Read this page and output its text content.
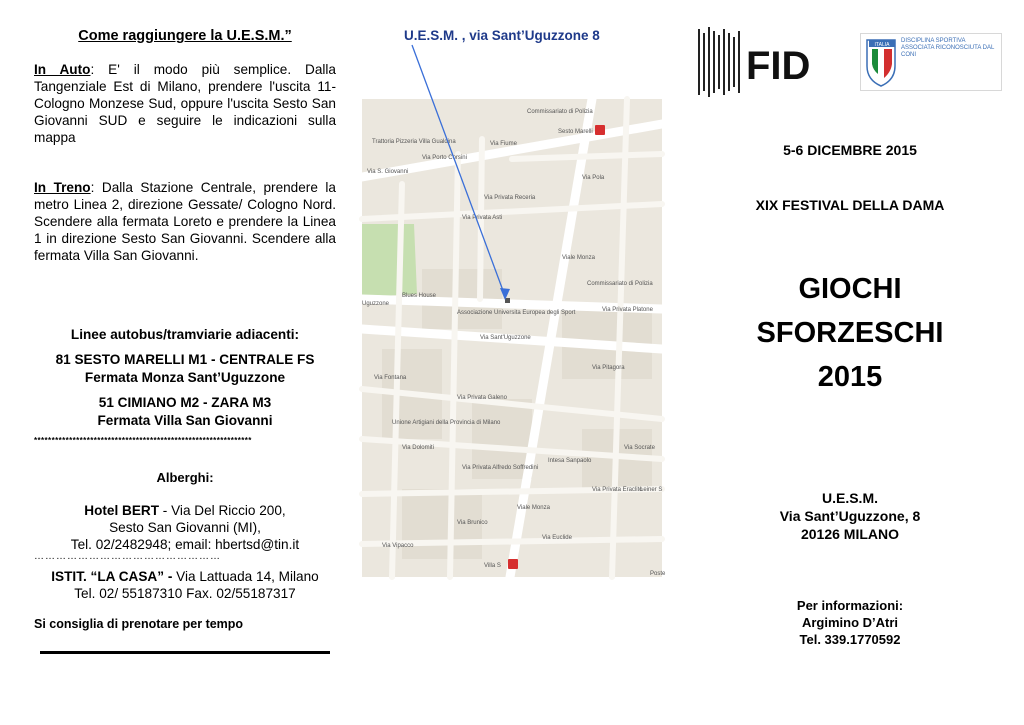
Come raggiungere la U.E.S.M.”
In Auto: E' il modo più semplice. Dalla Tangenziale Est di Milano, prendere l'uscita 11-Cologno Monzese Sud, oppure l'uscita Sesto San Giovanni SUD e seguire le indicazioni sulla mappa
In Treno: Dalla Stazione Centrale, prendere la metro Linea 2, direzione Gessate/ Cologno Nord. Scendere alla fermata Loreto e prendere la Linea 1 in direzione Sesto San Giovanni. Scendere alla fermata Villa San Giovanni.
Linee autobus/tramviarie adiacenti:
81 SESTO MARELLI M1 - CENTRALE FS
Fermata Monza Sant’Uguzzone
51 CIMIANO M2 - ZARA M3
Fermata Villa San Giovanni
**************************************************************
Alberghi:
Hotel BERT - Via Del Riccio 200,
Sesto San Giovanni (MI),
Tel. 02/2482948; email: hbertsd@tin.it
……………………………………………
ISTIT. “LA CASA” - Via Lattuada 14, Milano
Tel. 02/ 55187310 Fax. 02/55187317
Si consiglia di prenotare per tempo
U.E.S.M. , via Sant’Uguzzone 8
Commissariato di Polizia
Sesto Marelli
Trattoria Pizzeria Villa Gualdina	Via Fiume
Via Porto Corsini
Via S. Giovanni
Via Privata Asti
Via Privata Receria
Viale Monza
Via Pola
Commissariato di Polizia
Blues House
Associazione Universita Europea degli Sport	Via Privata Platone
Uguzzone
Via Sant'Uguzzone
Via Pitagora
Via Privata Galeno
Unione Artigiani della Provincia di Milano
Via Dolomiti
Intesa Sanpaolo
Via Privata Eraclito
Viale Monza
Via Brunico
Via Euclide
Via Vipacco
Villa S
Via Socrate
Via Fontana
Via Privata Alfredo Soffredini
Leiner S
Poste
FID	ITALIA
DISCIPLINA SPORTIVA ASSOCIATA RICONOSCIUTA DAL CONI
5-6 DICEMBRE 2015
XIX FESTIVAL DELLA DAMA
GIOCHI
SFORZESCHI
2015
U.E.S.M.
Via Sant’Uguzzone, 8
20126 MILANO
Per informazioni:
Argimino D’Atri
Tel. 339.1770592
